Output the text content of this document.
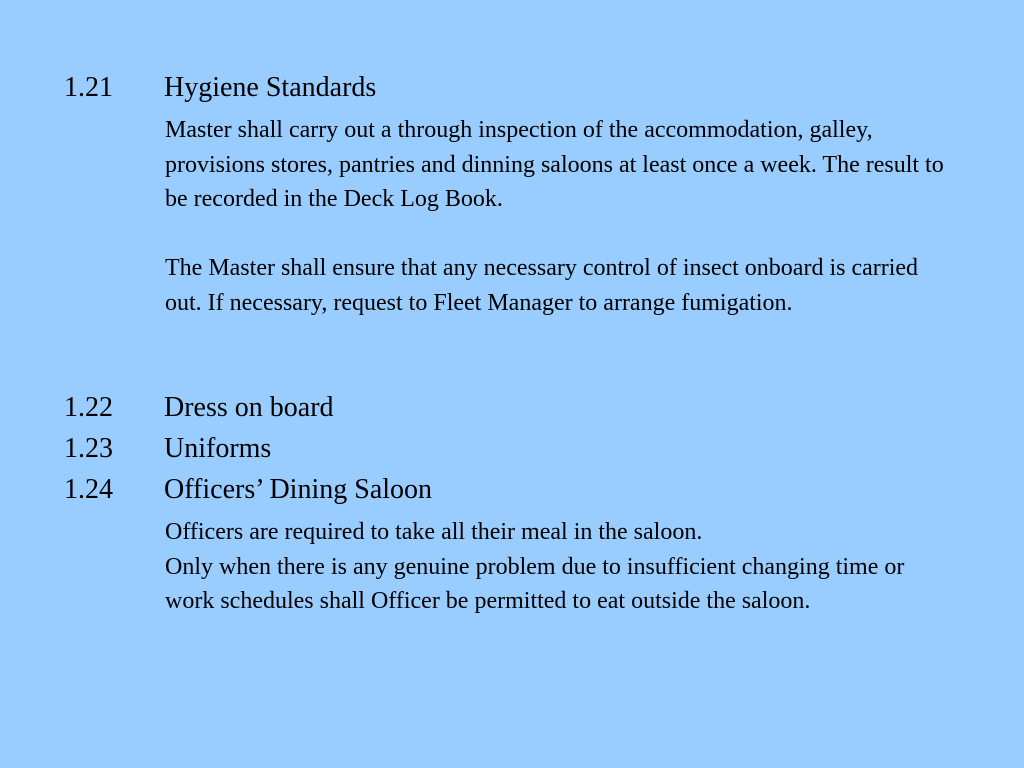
1.21 Hygiene Standards

Master shall carry out a through inspection of the accommodation, galley, provisions stores, pantries and dinning saloons at least once a week. The result to be recorded in the Deck Log Book.

The Master shall ensure that any necessary control of insect onboard is carried out. If necessary, request to Fleet Manager to arrange fumigation.

1.22 Dress on board
1.23 Uniforms
1.24 Officers’ Dining Saloon

Officers are required to take all their meal in the saloon.

Only when there is any genuine problem due to insufficient changing time or work schedules shall Officer be permitted to eat outside the saloon.
